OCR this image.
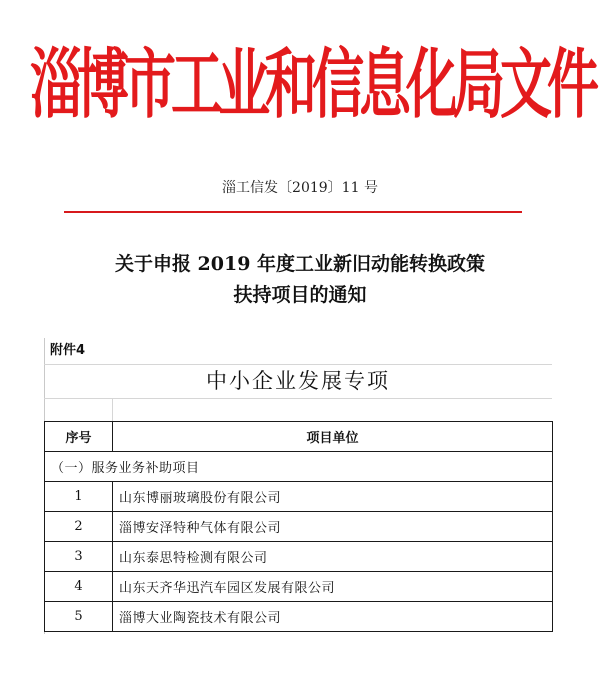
淄博市工业和信息化局文件
淄工信发〔2019〕11 号
关于申报 2019 年度工业新旧动能转换政策
扶持项目的通知
附件4
中小企业发展专项
序号	项目单位
（一）服务业务补助项目	
1	山东博丽玻璃股份有限公司
2	淄博安泽特种气体有限公司
3	山东泰思特检测有限公司
4	山东天齐华迅汽车园区发展有限公司
5	淄博大业陶瓷技术有限公司
